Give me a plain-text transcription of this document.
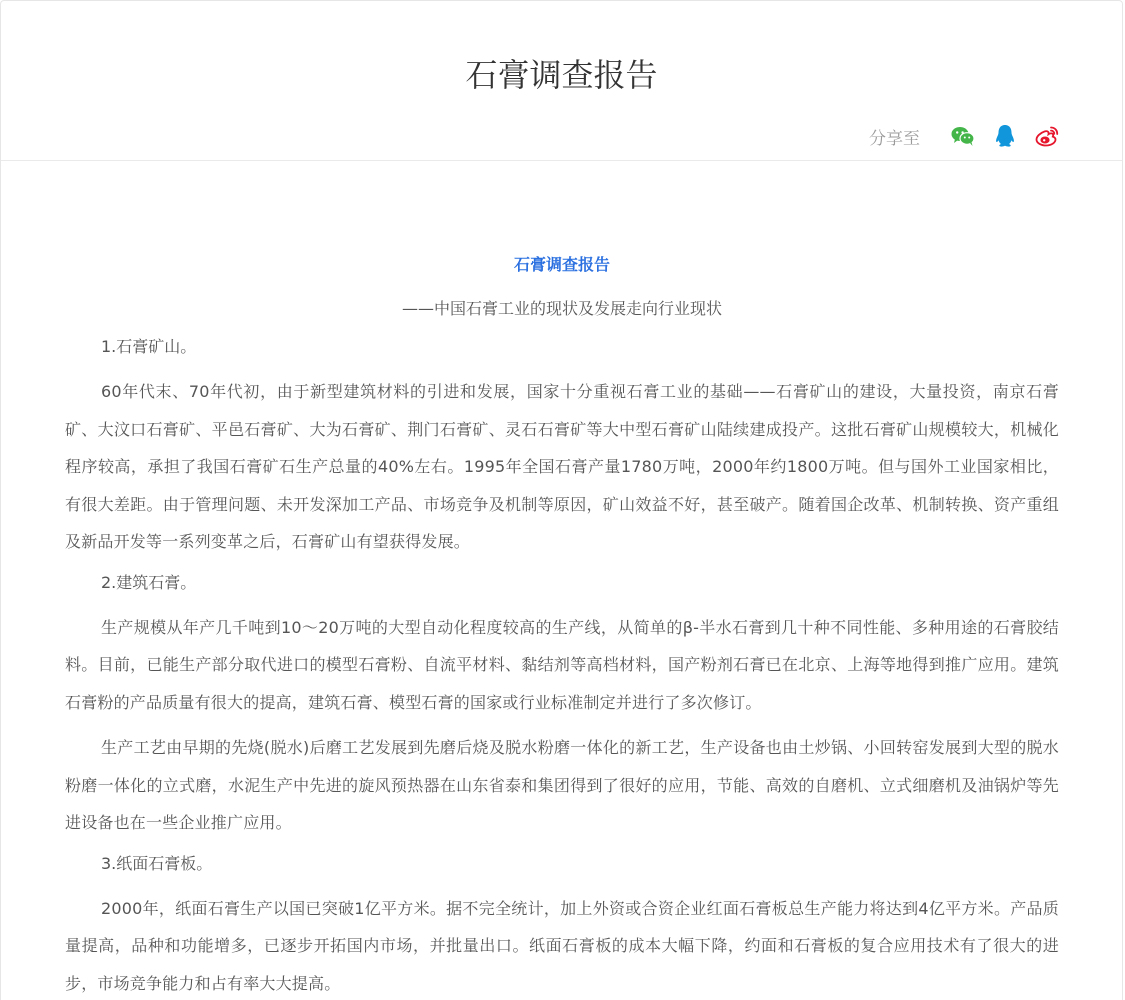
石膏调查报告
分享至
石膏调查报告
——中国石膏工业的现状及发展走向行业现状
1.石膏矿山。

60年代末、70年代初，由于新型建筑材料的引进和发展，国家十分重视石膏工业的基础——石膏矿山的建设，大量投资，南京石膏矿、大汶口石膏矿、平邑石膏矿、大为石膏矿、荆门石膏矿、灵石石膏矿等大中型石膏矿山陆续建成投产。这批石膏矿山规模较大，机械化程序较高，承担了我国石膏矿石生产总量的40%左右。1995年全国石膏产量1780万吨，2000年约1800万吨。但与国外工业国家相比，有很大差距。由于管理问题、未开发深加工产品、市场竞争及机制等原因，矿山效益不好，甚至破产。随着国企改革、机制转换、资产重组及新品开发等一系列变革之后，石膏矿山有望获得发展。

2.建筑石膏。

生产规模从年产几千吨到10～20万吨的大型自动化程度较高的生产线，从简单的β-半水石膏到几十种不同性能、多种用途的石膏胶结料。目前，已能生产部分取代进口的模型石膏粉、自流平材料、黏结剂等高档材料，国产粉剂石膏已在北京、上海等地得到推广应用。建筑石膏粉的产品质量有很大的提高，建筑石膏、模型石膏的国家或行业标准制定并进行了多次修订。

生产工艺由早期的先烧(脱水)后磨工艺发展到先磨后烧及脱水粉磨一体化的新工艺，生产设备也由土炒锅、小回转窑发展到大型的脱水粉磨一体化的立式磨，水泥生产中先进的旋风预热器在山东省泰和集团得到了很好的应用，节能、高效的自磨机、立式细磨机及油锅炉等先进设备也在一些企业推广应用。

3.纸面石膏板。

2000年，纸面石膏生产以国已突破1亿平方米。据不完全统计，加上外资或合资企业红面石膏板总生产能力将达到4亿平方米。产品质量提高，品种和功能增多，已逐步开拓国内市场，并批量出口。纸面石膏板的成本大幅下降，约面和石膏板的复合应用技术有了很大的进步，市场竞争能力和占有率大大提高。
